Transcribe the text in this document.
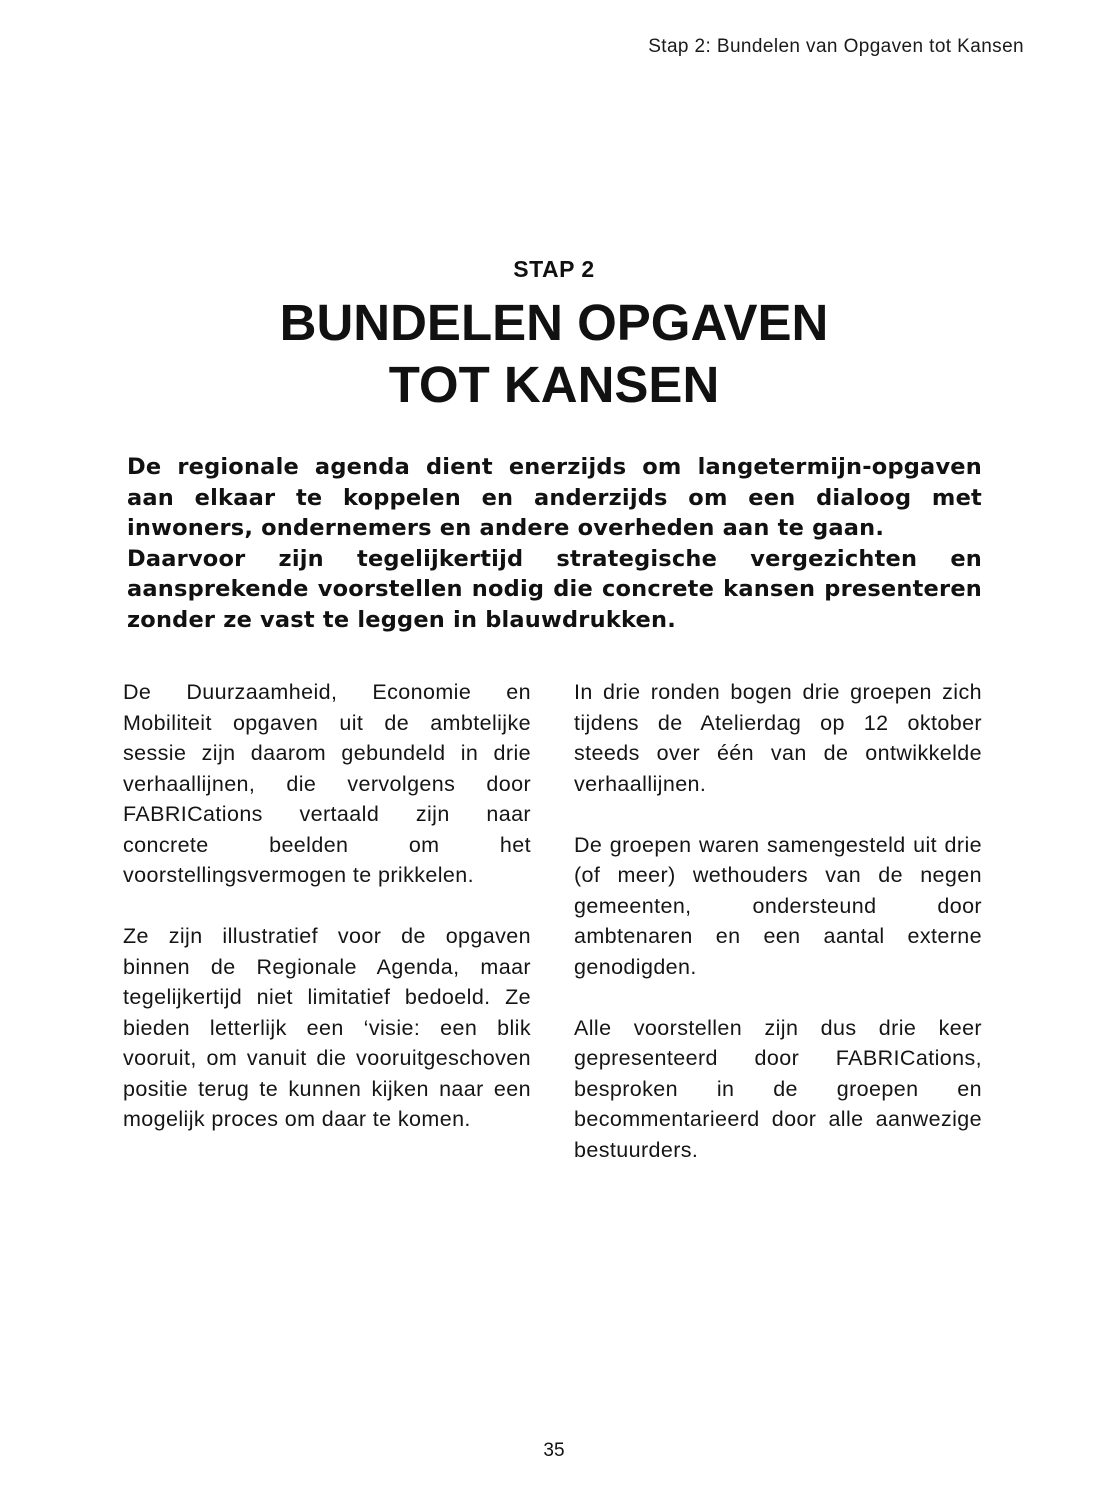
Stap 2: Bundelen van Opgaven tot Kansen
STAP 2
BUNDELEN OPGAVEN
TOT KANSEN

De regionale agenda dient enerzijds om langetermijn-opgaven aan elkaar te koppelen en anderzijds om een dialoog met inwoners, ondernemers en andere overheden aan te gaan.

Daarvoor zijn tegelijkertijd strategische vergezichten en aansprekende voorstellen nodig die concrete kansen presenteren zonder ze vast te leggen in blauwdrukken.

De Duurzaamheid, Economie en Mobiliteit opgaven uit de ambtelijke sessie zijn daarom gebundeld in drie verhaallijnen, die vervolgens door FABRICations vertaald zijn naar concrete beelden om het voorstellingsvermogen te prikkelen.

Ze zijn illustratief voor de opgaven binnen de Regionale Agenda, maar tegelijkertijd niet limitatief bedoeld. Ze bieden letterlijk een ‘visie: een blik vooruit, om vanuit die vooruitgeschoven positie terug te kunnen kijken naar een mogelijk proces om daar te komen.

In drie ronden bogen drie groepen zich tijdens de Atelierdag op 12 oktober steeds over één van de ontwikkelde verhaallijnen.

De groepen waren samengesteld uit drie (of meer) wethouders van de negen gemeenten, ondersteund door ambtenaren en een aantal externe genodigden.

Alle voorstellen zijn dus drie keer gepresenteerd door FABRICations, besproken in de groepen en becommentarieerd door alle aanwezige bestuurders.

35
